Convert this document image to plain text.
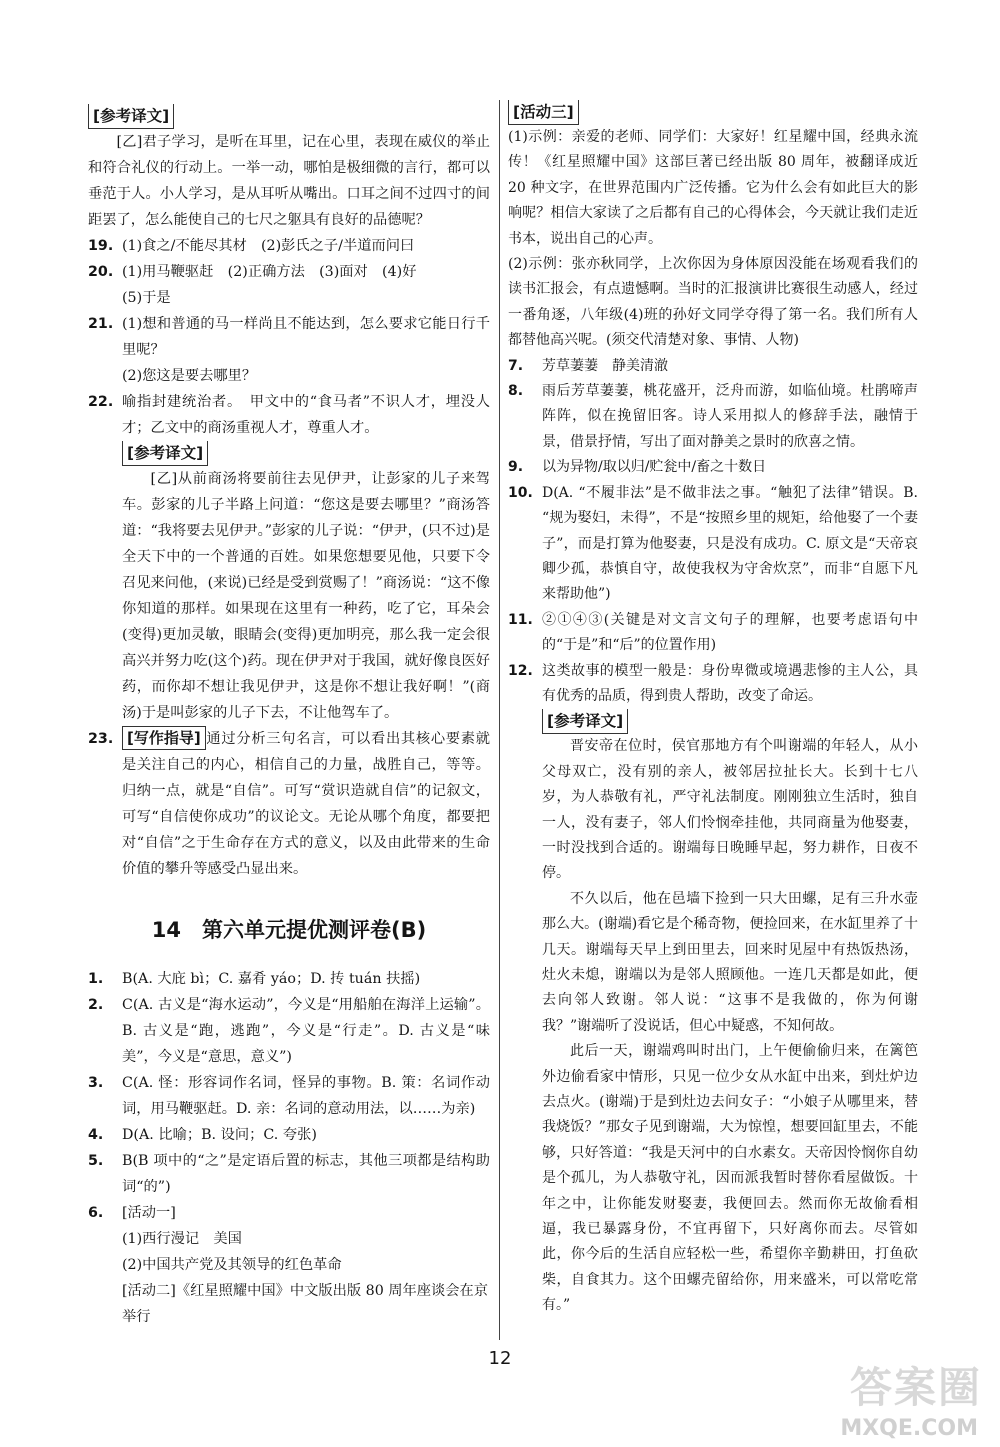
[参考译文]
[乙]君子学习，是听在耳里，记在心里，表现在威仪的举止和符合礼仪的行动上。一举一动，哪怕是极细微的言行，都可以垂范于人。小人学习，是从耳听从嘴出。口耳之间不过四寸的间距罢了，怎么能使自己的七尺之躯具有良好的品德呢？
19. (1)食之/不能尽其材　(2)彭氏之子/半道而问曰
20. (1)用马鞭驱赶　(2)正确方法　(3)面对　(4)好
(5)于是
21. (1)想和普通的马一样尚且不能达到，怎么要求它能日行千里呢？
(2)您这是要去哪里？
22. 喻指封建统治者。　甲文中的“食马者”不识人才，埋没人才；乙文中的商汤重视人才，尊重人才。
[参考译文]
[乙]从前商汤将要前往去见伊尹，让彭家的儿子来驾车。彭家的儿子半路上问道：“您这是要去哪里？”商汤答道：“我将要去见伊尹。”彭家的儿子说：“伊尹，(只不过)是全天下中的一个普通的百姓。如果您想要见他，只要下令召见来问他，(来说)已经是受到赏赐了！”商汤说：“这不像你知道的那样。如果现在这里有一种药，吃了它，耳朵会(变得)更加灵敏，眼睛会(变得)更加明亮，那么我一定会很高兴并努力吃(这个)药。现在伊尹对于我国，就好像良医好药，而你却不想让我见伊尹，这是你不想让我好啊！”(商汤)于是叫彭家的儿子下去，不让他驾车了。
23. [写作指导] 通过分析三句名言，可以看出其核心要素就是关注自己的内心，相信自己的力量，战胜自己，等等。归纳一点，就是“自信”。可写“赏识造就自信”的记叙文，可写“自信使你成功”的议论文。无论从哪个角度，都要把对“自信”之于生命存在方式的意义，以及由此带来的生命价值的攀升等感受凸显出来。
14　第六单元提优测评卷(B)
1.	B(A. 大庇 bì；C. 嘉肴 yáo；D. 抟 tuán 扶摇)
2.	C(A. 古义是“海水运动”，今义是“用船舶在海洋上运输”。B. 古义是“跑，逃跑”，今义是“行走”。D. 古义是“味美”，今义是“意思，意义”)
3.	C(A. 怪：形容词作名词，怪异的事物。B. 策：名词作动词，用马鞭驱赶。D. 亲：名词的意动用法，以……为亲)
4.	D(A. 比喻；B. 设问；C. 夸张)
5.	B(B 项中的“之”是定语后置的标志，其他三项都是结构助词“的”)
6.	[活动一]
(1)西行漫记　美国
(2)中国共产党及其领导的红色革命
[活动二]《红星照耀中国》中文版出版 80 周年座谈会在京举行
[活动三]
(1)示例：亲爱的老师、同学们：大家好！红星耀中国，经典永流传！《红星照耀中国》这部巨著已经出版 80 周年，被翻译成近 20 种文字，在世界范围内广泛传播。它为什么会有如此巨大的影响呢？相信大家读了之后都有自己的心得体会，今天就让我们走近书本，说出自己的心声。
(2)示例：张亦秋同学，上次你因为身体原因没能在场观看我们的读书汇报会，有点遗憾啊。当时的汇报演讲比赛很生动感人，经过一番角逐，八年级(4)班的孙好文同学夺得了第一名。我们所有人都替他高兴呢。(须交代清楚对象、事情、人物)
7.	芳草萋萋　静美清澈
8.	雨后芳草萋萋，桃花盛开，泛舟而游，如临仙境。杜鹃啼声阵阵，似在挽留旧客。诗人采用拟人的修辞手法，融情于景，借景抒情，写出了面对静美之景时的欣喜之情。
9.	以为异物/取以归/贮瓮中/畜之十数日
10. D(A. “不履非法”是不做非法之事。“触犯了法律”错误。B. “规为娶妇，未得”，不是“按照乡里的规矩，给他娶了一个妻子”，而是打算为他娶妻，只是没有成功。C. 原文是“天帝哀卿少孤，恭慎自守，故使我权为守舍炊烹”，而非“自愿下凡来帮助他”)
11. ②①④③(关键是对文言文句子的理解，也要考虑语句中的“于是”和“后”的位置作用)
12. 这类故事的模型一般是：身份卑微或境遇悲惨的主人公，具有优秀的品质，得到贵人帮助，改变了命运。
[参考译文]
晋安帝在位时，侯官那地方有个叫谢端的年轻人，从小父母双亡，没有别的亲人，被邻居拉扯长大。长到十七八岁，为人恭敬有礼，严守礼法制度。刚刚独立生活时，独自一人，没有妻子，邻人们怜悯牵挂他，共同商量为他娶妻，一时没找到合适的。谢端每日晚睡早起，努力耕作，日夜不停。
不久以后，他在邑墙下捡到一只大田螺，足有三升水壶那么大。(谢端)看它是个稀奇物，便捡回来，在水缸里养了十几天。谢端每天早上到田里去，回来时见屋中有热饭热汤，灶火未熄，谢端以为是邻人照顾他。一连几天都是如此，便去向邻人致谢。邻人说：“这事不是我做的，你为何谢我？”谢端听了没说话，但心中疑惑，不知何故。
此后一天，谢端鸡叫时出门，上午便偷偷归来，在篱笆外边偷看家中情形，只见一位少女从水缸中出来，到灶炉边去点火。(谢端)于是到灶边去问女子：“小娘子从哪里来，替我烧饭？”那女子见到谢端，大为惊惶，想要回缸里去，不能够，只好答道：“我是天河中的白水素女。天帝因怜悯你自幼是个孤儿，为人恭敬守礼，因而派我暂时替你看屋做饭。十年之中，让你能发财娶妻，我便回去。然而你无故偷看相逼，我已暴露身份，不宜再留下，只好离你而去。尽管如此，你今后的生活自应轻松一些，希望你辛勤耕田，打鱼砍柴，自食其力。这个田螺壳留给你，用来盛米，可以常吃常有。”
12
答案圈
MXQE.COM
